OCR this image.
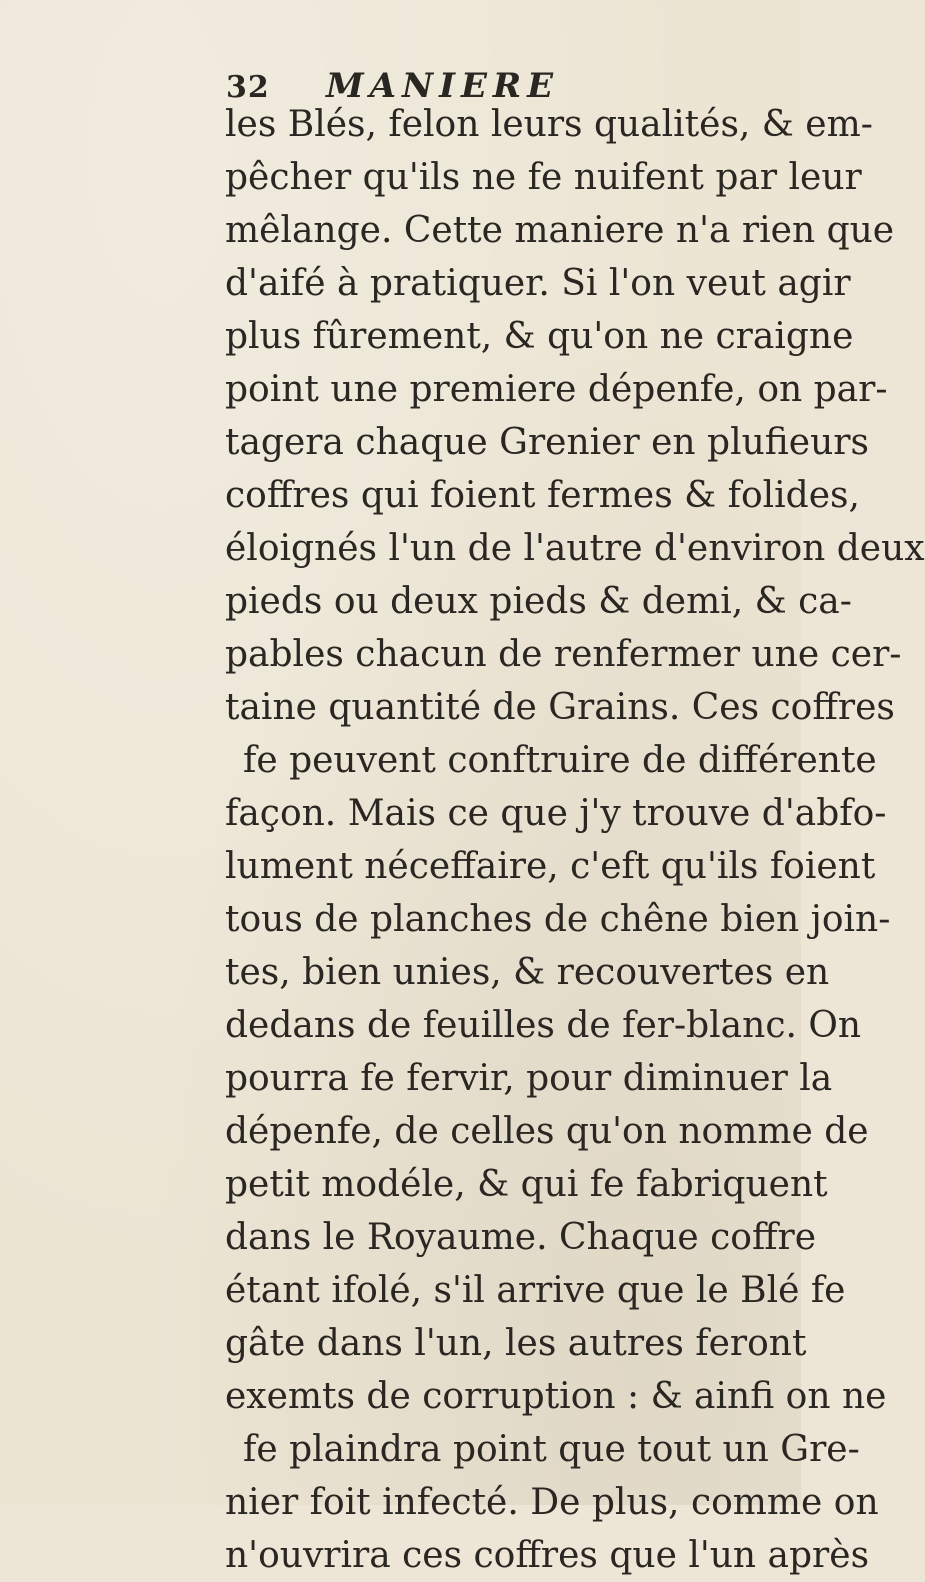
32 MANIERE
les Blés, felon leurs qualités, & em-
pêcher qu'ils ne fe nuifent par leur
mêlange. Cette maniere n'a rien que
d'aifé à pratiquer. Si l'on veut agir
plus fûrement, & qu'on ne craigne
point une premiere dépenfe, on par-
tagera chaque Grenier en plufieurs
coffres qui foient fermes & folides,
éloignés l'un de l'autre d'environ deux
pieds ou deux pieds & demi, & ca-
pables chacun de renfermer une cer-
taine quantité de Grains. Ces coffres
fe peuvent conftruire de différente
façon. Mais ce que j'y trouve d'abfo-
lument néceffaire, c'eft qu'ils foient
tous de planches de chêne bien join-
tes, bien unies, & recouvertes en
dedans de feuilles de fer-blanc. On
pourra fe fervir, pour diminuer la
dépenfe, de celles qu'on nomme de
petit modéle, & qui fe fabriquent
dans le Royaume. Chaque coffre
étant ifolé, s'il arrive que le Blé fe
gâte dans l'un, les autres feront
exemts de corruption : & ainfi on ne
fe plaindra point que tout un Gre-
nier foit infecté. De plus, comme on
n'ouvrira ces coffres que l'un après
